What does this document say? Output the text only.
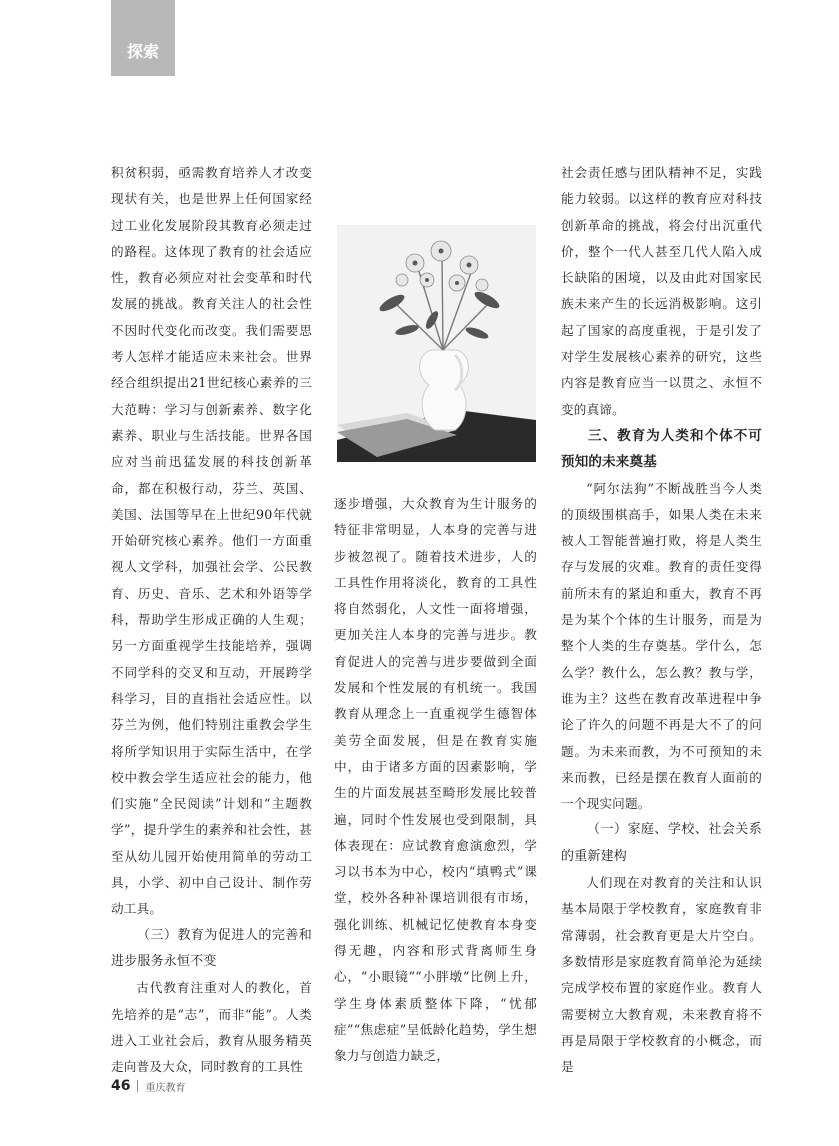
探索

积贫积弱，亟需教育培养人才改变现状有关，也是世界上任何国家经过工业化发展阶段其教育必须走过的路程。这体现了教育的社会适应性，教育必须应对社会变革和时代发展的挑战。教育关注人的社会性不因时代变化而改变。我们需要思考人怎样才能适应未来社会。世界经合组织提出21世纪核心素养的三大范畴：学习与创新素养、数字化素养、职业与生活技能。世界各国应对当前迅猛发展的科技创新革命，都在积极行动，芬兰、英国、美国、法国等早在上世纪90年代就开始研究核心素养。他们一方面重视人文学科，加强社会学、公民教育、历史、音乐、艺术和外语等学科，帮助学生形成正确的人生观；另一方面重视学生技能培养，强调不同学科的交叉和互动，开展跨学科学习，目的直指社会适应性。以芬兰为例，他们特别注重教会学生将所学知识用于实际生活中，在学校中教会学生适应社会的能力，他们实施“全民阅读”计划和“主题教学”，提升学生的素养和社会性，甚至从幼儿园开始使用简单的劳动工具，小学、初中自己设计、制作劳动工具。

（三）教育为促进人的完善和进步服务永恒不变

古代教育注重对人的教化，首先培养的是“志”，而非“能”。人类进入工业社会后，教育从服务精英走向普及大众，同时教育的工具性

逐步增强，大众教育为生计服务的特征非常明显，人本身的完善与进步被忽视了。随着技术进步，人的工具性作用将淡化，教育的工具性将自然弱化，人文性一面将增强，更加关注人本身的完善与进步。教育促进人的完善与进步要做到全面发展和个性发展的有机统一。我国教育从理念上一直重视学生德智体美劳全面发展，但是在教育实施中，由于诸多方面的因素影响，学生的片面发展甚至畸形发展比较普遍，同时个性发展也受到限制，具体表现在：应试教育愈演愈烈，学习以书本为中心，校内“填鸭式”课堂，校外各种补课培训很有市场，强化训练、机械记忆使教育本身变得无趣，内容和形式背离师生身心，“小眼镜”“小胖墩”比例上升，学生身体素质整体下降，“忧郁症”“焦虑症”呈低龄化趋势，学生想象力与创造力缺乏，

社会责任感与团队精神不足，实践能力较弱。以这样的教育应对科技创新革命的挑战，将会付出沉重代价，整个一代人甚至几代人陷入成长缺陷的困境，以及由此对国家民族未来产生的长远消极影响。这引起了国家的高度重视，于是引发了对学生发展核心素养的研究，这些内容是教育应当一以贯之、永恒不变的真谛。

三、教育为人类和个体不可预知的未来奠基

“阿尔法狗”不断战胜当今人类的顶级围棋高手，如果人类在未来被人工智能普遍打败，将是人类生存与发展的灾难。教育的责任变得前所未有的紧迫和重大，教育不再是为某个个体的生计服务，而是为整个人类的生存奠基。学什么，怎么学？教什么，怎么教？教与学，谁为主？这些在教育改革进程中争论了许久的问题不再是大不了的问题。为未来而教，为不可预知的未来而教，已经是摆在教育人面前的一个现实问题。

（一）家庭、学校、社会关系的重新建构

人们现在对教育的关注和认识基本局限于学校教育，家庭教育非常薄弱，社会教育更是大片空白。多数情形是家庭教育简单沦为延续完成学校布置的家庭作业。教育人需要树立大教育观，未来教育将不再是局限于学校教育的小概念，而是

46 重庆教育
